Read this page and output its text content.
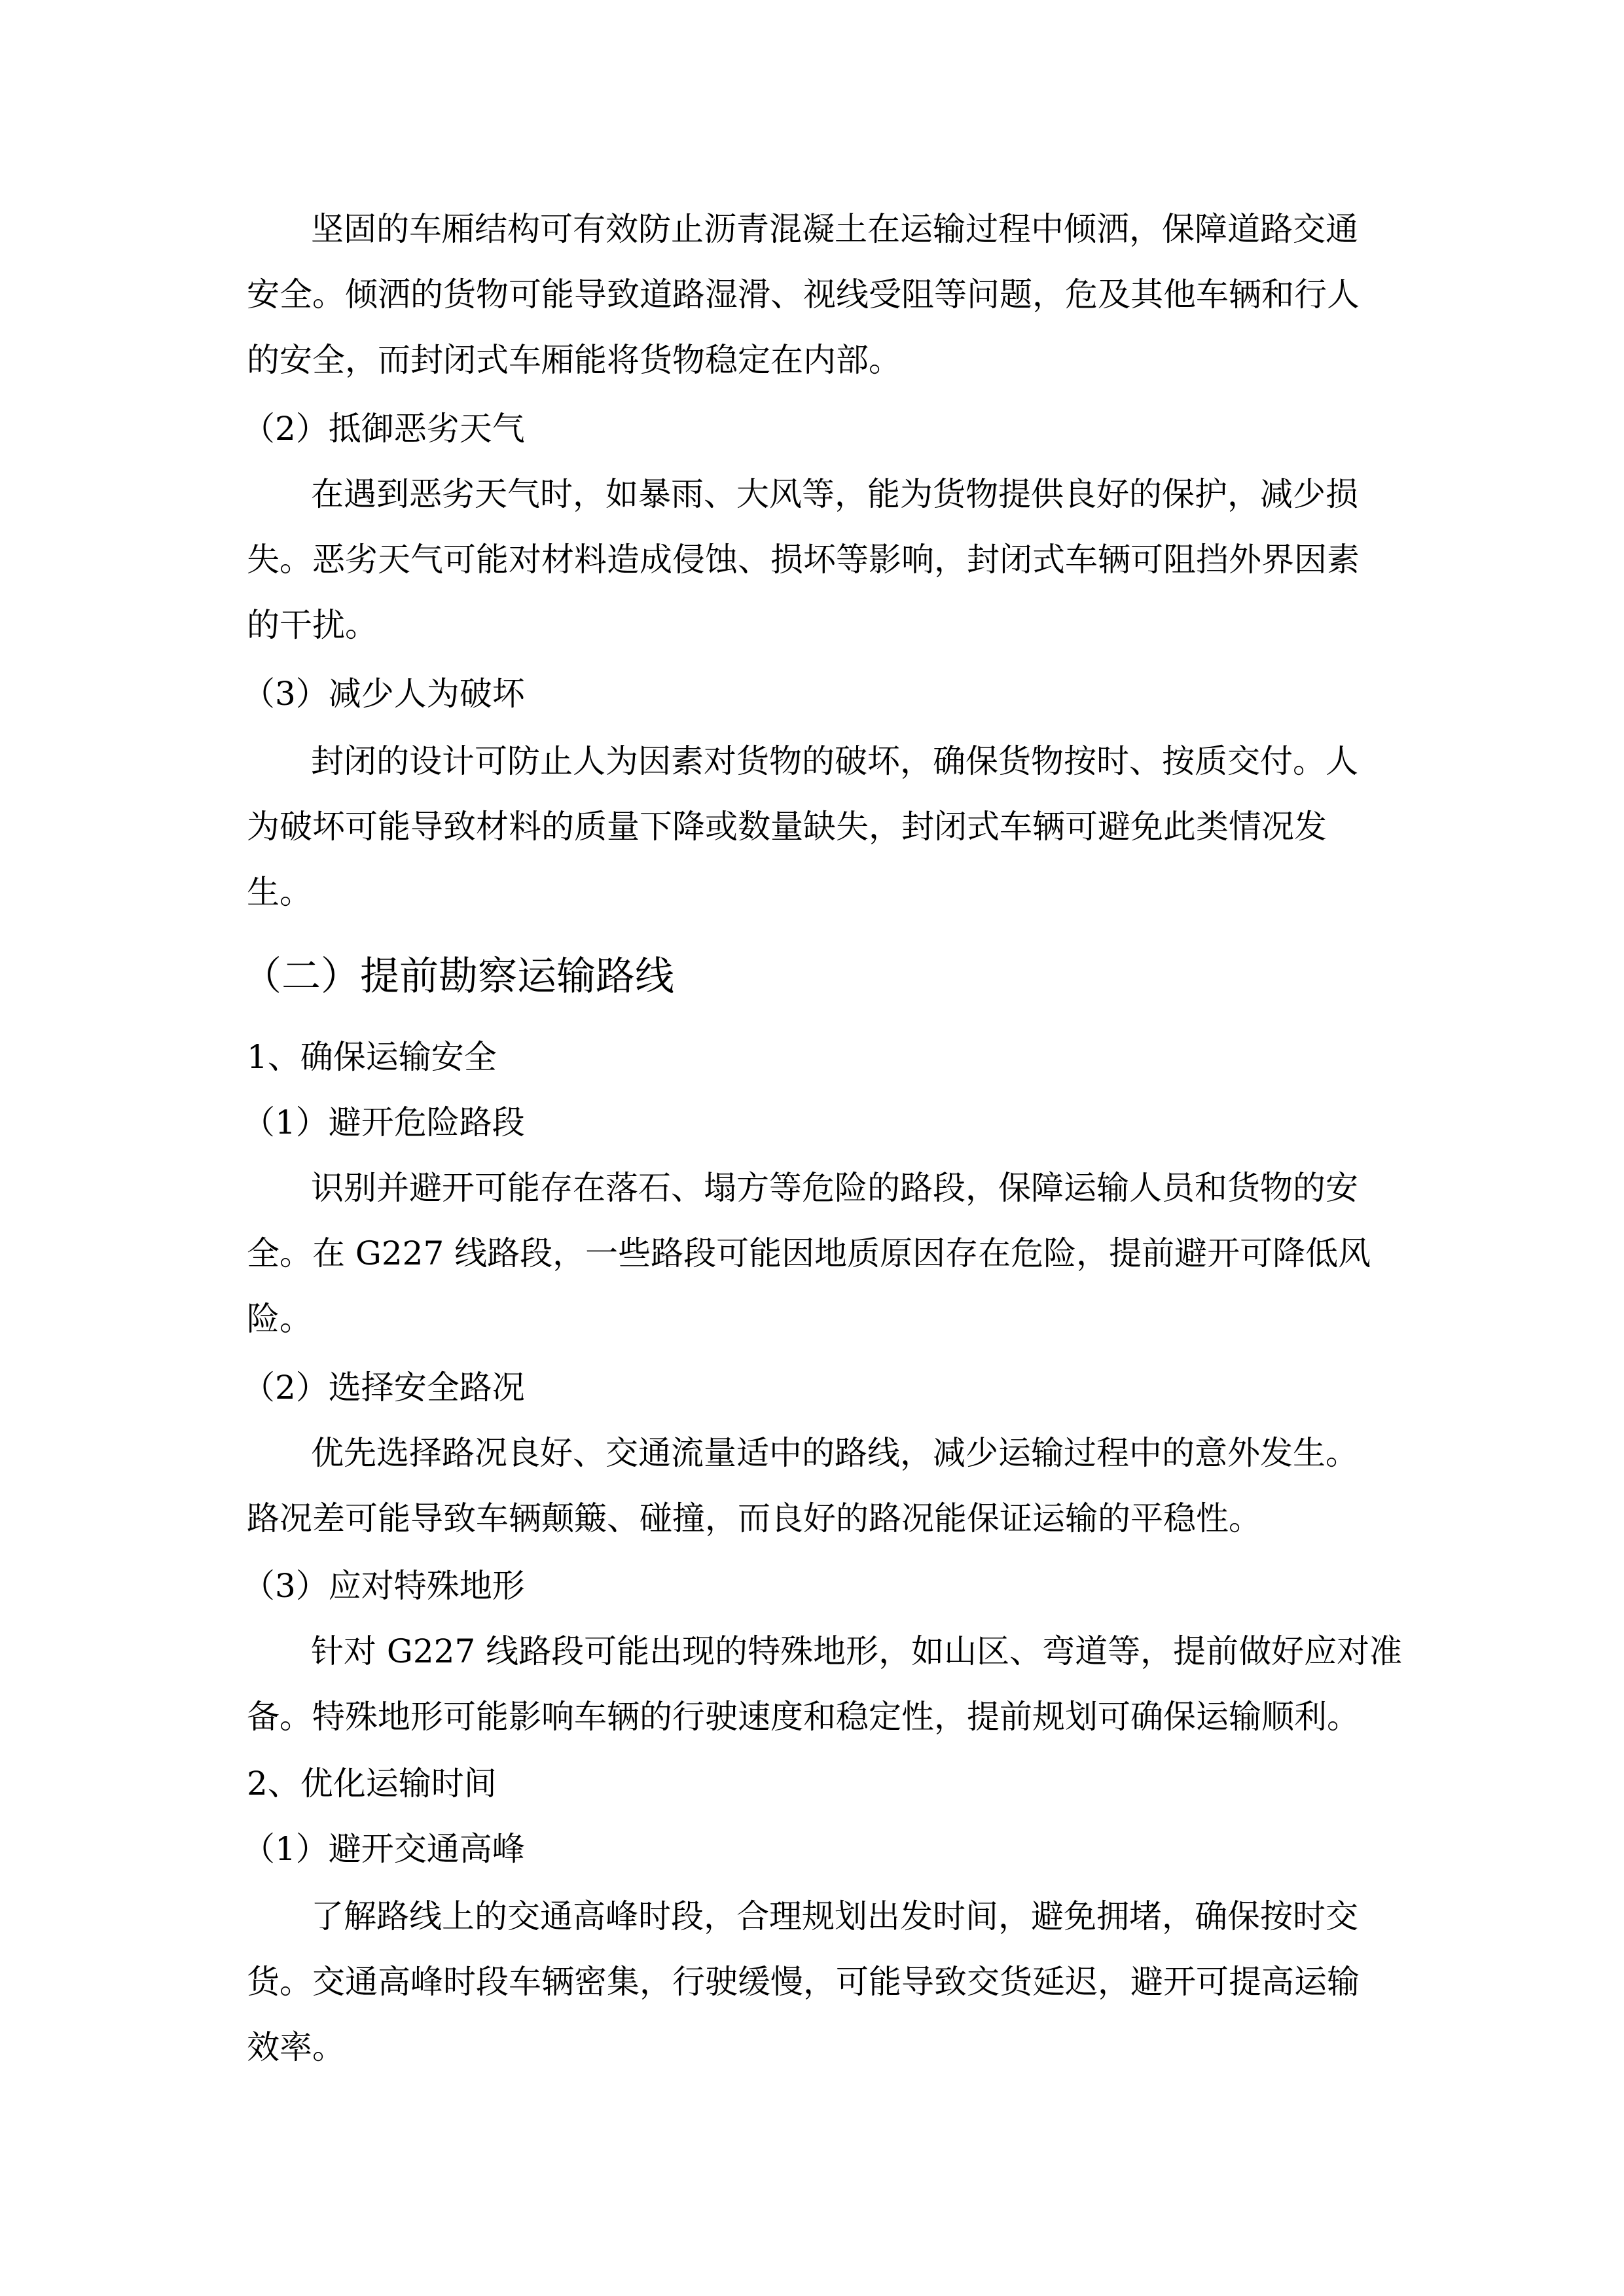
坚固的车厢结构可有效防止沥青混凝土在运输过程中倾洒，保障道路交通
安全。倾洒的货物可能导致道路湿滑、视线受阻等问题，危及其他车辆和行人
的安全，而封闭式车厢能将货物稳定在内部。
（2）抵御恶劣天气
在遇到恶劣天气时，如暴雨、大风等，能为货物提供良好的保护，减少损
失。恶劣天气可能对材料造成侵蚀、损坏等影响，封闭式车辆可阻挡外界因素
的干扰。
（3）减少人为破坏
封闭的设计可防止人为因素对货物的破坏，确保货物按时、按质交付。人
为破坏可能导致材料的质量下降或数量缺失，封闭式车辆可避免此类情况发
生。
（二）提前勘察运输路线
1、确保运输安全
（1）避开危险路段
识别并避开可能存在落石、塌方等危险的路段，保障运输人员和货物的安
全。在 G227 线路段，一些路段可能因地质原因存在危险，提前避开可降低风
险。
（2）选择安全路况
优先选择路况良好、交通流量适中的路线，减少运输过程中的意外发生。
路况差可能导致车辆颠簸、碰撞，而良好的路况能保证运输的平稳性。
（3）应对特殊地形
针对 G227 线路段可能出现的特殊地形，如山区、弯道等，提前做好应对准
备。特殊地形可能影响车辆的行驶速度和稳定性，提前规划可确保运输顺利。
2、优化运输时间
（1）避开交通高峰
了解路线上的交通高峰时段，合理规划出发时间，避免拥堵，确保按时交
货。交通高峰时段车辆密集，行驶缓慢，可能导致交货延迟，避开可提高运输
效率。
